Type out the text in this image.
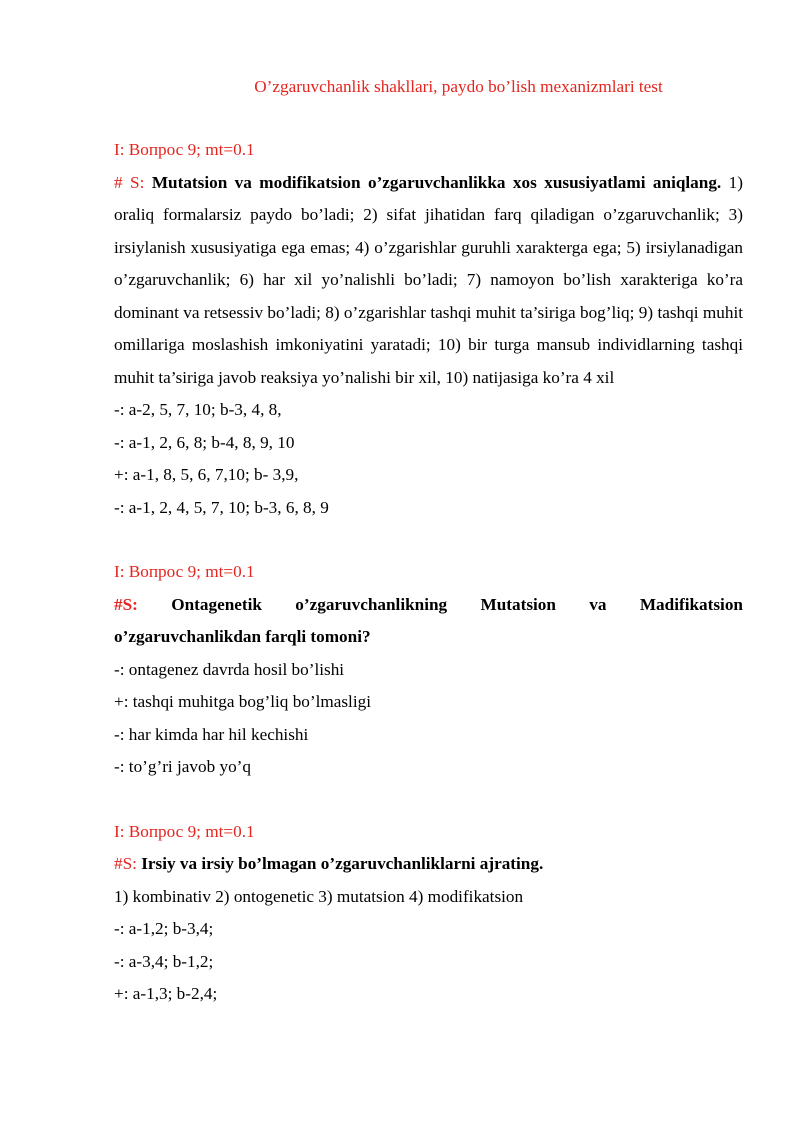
O’zgaruvchanlik shakllari, paydo bo’lish mexanizmlari test

I: Вопрос 9; mt=0.1

# S: Mutatsion va modifikatsion o’zgaruvchanlikka xos xususiyatlami aniqlang. 1) oraliq formalarsiz paydo bo’ladi; 2) sifat jihatidan farq qiladigan o’zgaruvchanlik; 3) irsiylanish xususiyatiga ega emas; 4) o’zgarishlar guruhli xarakterga ega; 5) irsiylanadigan o’zgaruvchanlik; 6) har xil yo’nalishli bo’ladi; 7) namoyon bo’lish xarakteriga ko’ra dominant va retsessiv bo’ladi; 8) o’zgarishlar tashqi muhit ta’siriga bog’liq; 9) tashqi muhit omillariga moslashish imkoniyatini yaratadi; 10) bir turga mansub individlarning tashqi muhit ta’siriga javob reaksiya yo’nalishi bir xil, 10) natijasiga ko’ra 4 xil

-: a-2, 5, 7, 10; b-3, 4, 8,

-: a-1, 2, 6, 8; b-4, 8, 9, 10

+: a-1, 8, 5, 6, 7,10; b- 3,9,

-: a-1, 2, 4, 5, 7, 10; b-3, 6, 8, 9

I: Вопрос 9; mt=0.1

#S: Ontagenetik o’zgaruvchanlikning Mutatsion va Madifikatsion

o’zgaruvchanlikdan farqli tomoni?

-: ontagenez davrda hosil bo’lishi

+: tashqi muhitga bog’liq bo’lmasligi

-: har kimda har hil kechishi

-: to’g’ri javob yo’q

I: Вопрос 9; mt=0.1

#S: Irsiy va irsiy bo’lmagan o’zgaruvchanliklarni ajrating.

1) kombinativ 2) ontogenetic 3) mutatsion 4) modifikatsion

-: a-1,2; b-3,4;

-: a-3,4; b-1,2;

+: a-1,3; b-2,4;
